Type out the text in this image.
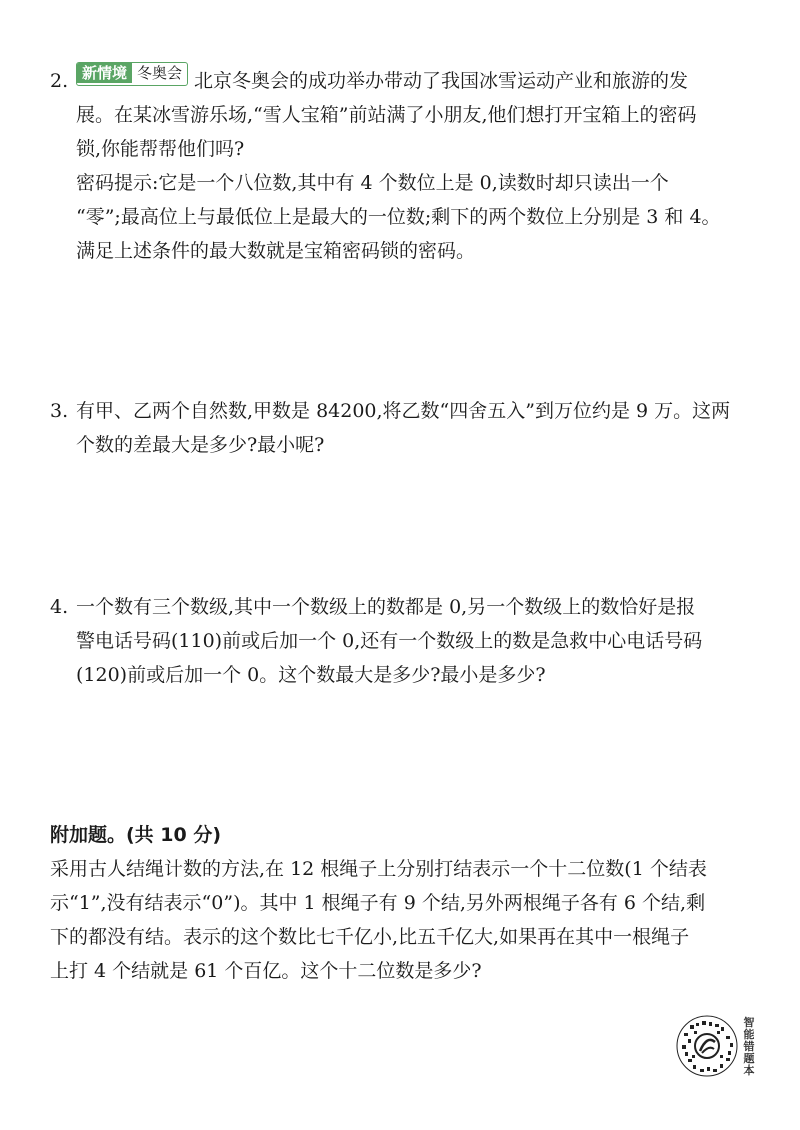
2. 新情境 冬奥会 北京冬奥会的成功举办带动了我国冰雪运动产业和旅游的发
展。在某冰雪游乐场,“雪人宝箱”前站满了小朋友,他们想打开宝箱上的密码
锁,你能帮帮他们吗?
密码提示:它是一个八位数,其中有 4 个数位上是 0,读数时却只读出一个
“零”;最高位上与最低位上是最大的一位数;剩下的两个数位上分别是 3 和 4。
满足上述条件的最大数就是宝箱密码锁的密码。
3. 有甲、乙两个自然数,甲数是 84200,将乙数“四舍五入”到万位约是 9 万。这两
个数的差最大是多少?最小呢?
4. 一个数有三个数级,其中一个数级上的数都是 0,另一个数级上的数恰好是报
警电话号码(110)前或后加一个 0,还有一个数级上的数是急救中心电话号码
(120)前或后加一个 0。这个数最大是多少?最小是多少?
附加题。(共 10 分)
采用古人结绳计数的方法,在 12 根绳子上分别打结表示一个十二位数(1 个结表
示“1”,没有结表示“0”)。其中 1 根绳子有 9 个结,另外两根绳子各有 6 个结,剩
下的都没有结。表示的这个数比七千亿小,比五千亿大,如果再在其中一根绳子
上打 4 个结就是 61 个百亿。这个十二位数是多少?
智能错题本
